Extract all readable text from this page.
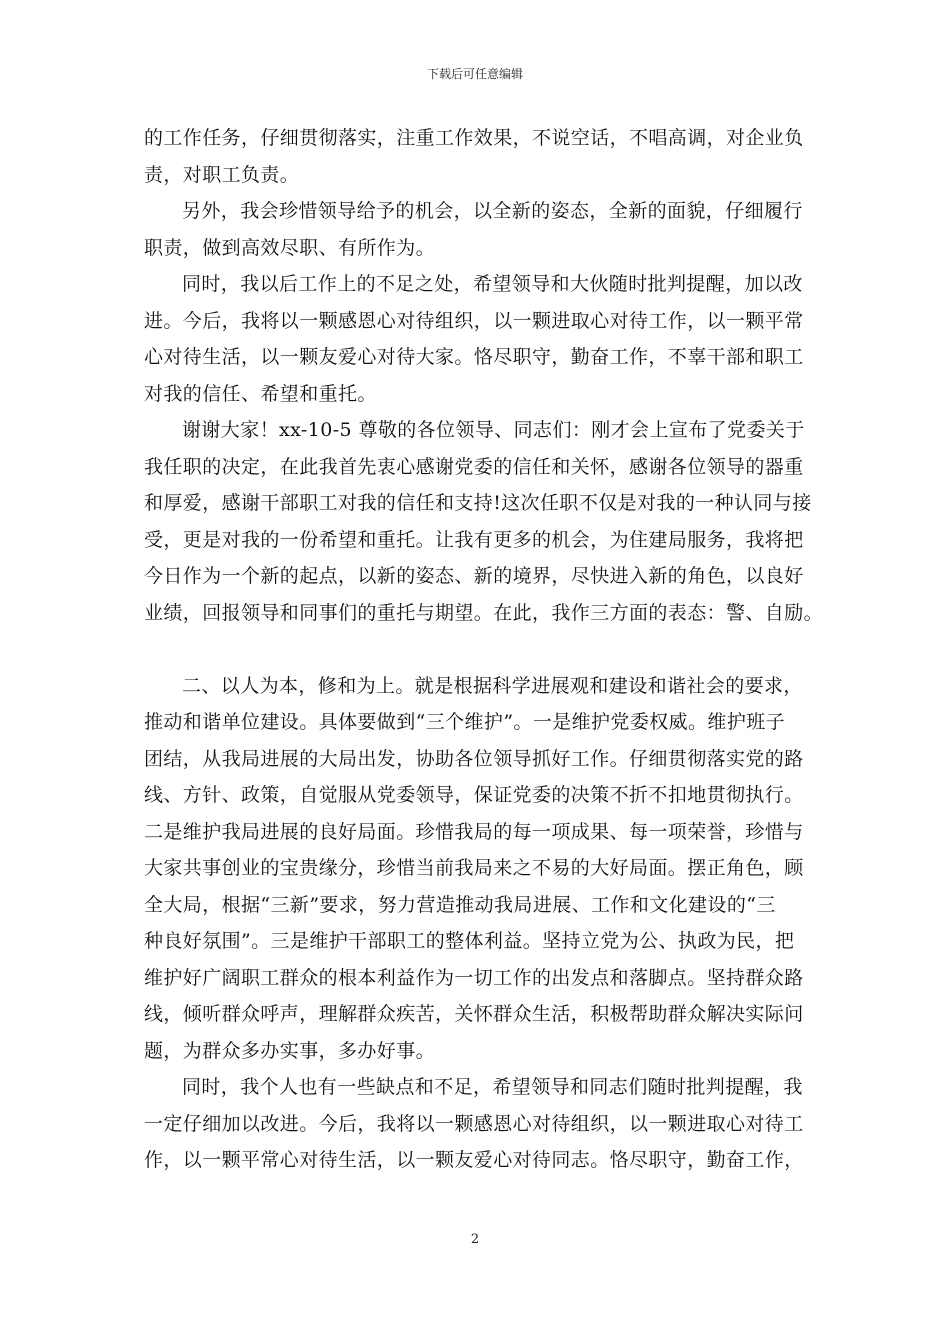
下载后可任意编辑

的工作任务，仔细贯彻落实，注重工作效果，不说空话，不唱高调，对企业负
责，对职工负责。

另外，我会珍惜领导给予的机会，以全新的姿态，全新的面貌，仔细履行
职责，做到高效尽职、有所作为。

同时，我以后工作上的不足之处，希望领导和大伙随时批判提醒，加以改
进。今后，我将以一颗感恩心对待组织，以一颗进取心对待工作，以一颗平常
心对待生活，以一颗友爱心对待大家。恪尽职守，勤奋工作，不辜干部和职工
对我的信任、希望和重托。

谢谢大家！xx-10-5 尊敬的各位领导、同志们：刚才会上宣布了党委关于
我任职的决定，在此我首先衷心感谢党委的信任和关怀，感谢各位领导的器重
和厚爱，感谢干部职工对我的信任和支持!这次任职不仅是对我的一种认同与接
受，更是对我的一份希望和重托。让我有更多的机会，为住建局服务，我将把
今日作为一个新的起点，以新的姿态、新的境界，尽快进入新的角色，以良好
业绩，回报领导和同事们的重托与期望。在此，我作三方面的表态：警、自励。

二、以人为本，修和为上。就是根据科学进展观和建设和谐社会的要求，
推动和谐单位建设。具体要做到“三个维护”。一是维护党委权威。维护班子
团结，从我局进展的大局出发，协助各位领导抓好工作。仔细贯彻落实党的路
线、方针、政策，自觉服从党委领导，保证党委的决策不折不扣地贯彻执行。
二是维护我局进展的良好局面。珍惜我局的每一项成果、每一项荣誉，珍惜与
大家共事创业的宝贵缘分，珍惜当前我局来之不易的大好局面。摆正角色，顾
全大局，根据“三新”要求，努力营造推动我局进展、工作和文化建设的“三
种良好氛围”。三是维护干部职工的整体利益。坚持立党为公、执政为民，把
维护好广阔职工群众的根本利益作为一切工作的出发点和落脚点。坚持群众路
线，倾听群众呼声，理解群众疾苦，关怀群众生活，积极帮助群众解决实际问
题，为群众多办实事，多办好事。

同时，我个人也有一些缺点和不足，希望领导和同志们随时批判提醒，我
一定仔细加以改进。今后，我将以一颗感恩心对待组织，以一颗进取心对待工
作，以一颗平常心对待生活，以一颗友爱心对待同志。恪尽职守，勤奋工作，

2
